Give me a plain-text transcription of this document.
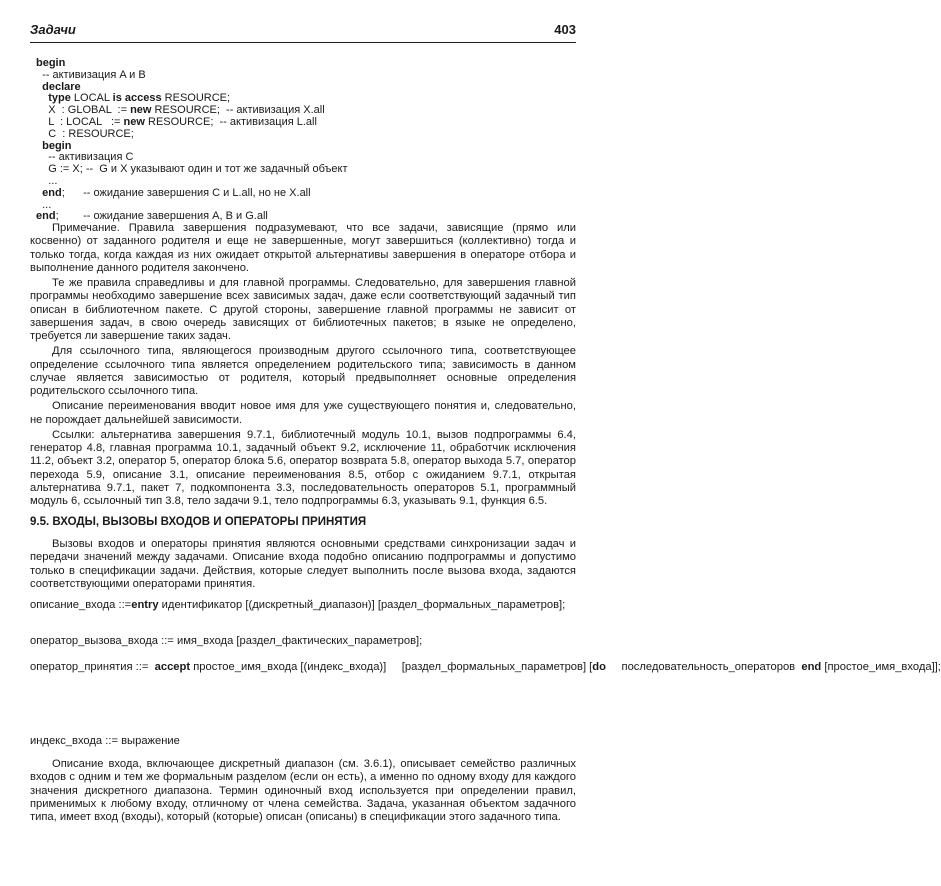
Задачи	403
begin
-- активизация A и B
declare
type LOCAL is access RESOURCE;
X  : GLOBAL  := new RESOURCE;  -- активизация X.all
L  : LOCAL   := new RESOURCE;  -- активизация L.all
C  : RESOURCE;
begin
-- активизация C
G := X; --  G и X указывают один и тот же задачный объект
...
end;      -- ожидание завершения C и L.all, но не X.all
...
end;        -- ожидание завершения A, B и G.all

Примечание. Правила завершения подразумевают, что все задачи, зависящие (прямо или косвенно) от заданного родителя и еще не завершенные, могут завершиться (коллективно) тогда и только тогда, когда каждая из них ожидает открытой альтернативы завершения в операторе отбора и выполнение данного родителя закончено.

Те же правила справедливы и для главной программы. Следовательно, для завершения главной программы необходимо завершение всех зависимых задач, даже если соответствующий задачный тип описан в библиотечном пакете. С другой стороны, завершение главной программы не зависит от завершения задач, в свою очередь зависящих от библиотечных пакетов; в языке не определено, требуется ли завершение таких задач.

Для ссылочного типа, являющегося производным другого ссылочного типа, соответствующее определение ссылочного типа является определением родительского типа; зависимость в данном случае является зависимостью от родителя, который предвыполняет основные определения родительского ссылочного типа.

Описание переименования вводит новое имя для уже существующего понятия и, следовательно, не порождает дальнейшей зависимости.

Ссылки: альтернатива завершения 9.7.1, библиотечный модуль 10.1, вызов подпрограммы 6.4, генератор 4.8, главная программа 10.1, задачный объект 9.2, исключение 11, обработчик исключения 11.2, объект 3.2, оператор 5, оператор блока 5.6, оператор возврата 5.8, оператор выхода 5.7, оператор перехода 5.9, описание 3.1, описание переименования 8.5, отбор с ожиданием 9.7.1, открытая альтернатива 9.7.1, пакет 7, подкомпонента 3.3, последовательность операторов 5.1, программный модуль 6, ссылочный тип 3.8, тело задачи 9.1, тело подпрограммы 6.3, указывать 9.1, функция 6.5.

9.5. ВХОДЫ, ВЫЗОВЫ ВХОДОВ И ОПЕРАТОРЫ ПРИНЯТИЯ

Вызовы входов и операторы принятия являются основными средствами синхронизации задач и передачи значений между задачами. Описание входа подобно описанию подпрограммы и допустимо только в спецификации задачи. Действия, которые следует выполнить после вызова входа, задаются соответствующими операторами принятия.

описание_входа ::=entry идентификатор [(дискретный_диапазон)] [раздел_формальных_параметров];
оператор_вызова_входа ::= имя_входа [раздел_фактических_параметров];
оператор_принятия ::= accept простое_имя_входа [(индекс_входа)]     [раздел_формальных_параметров] [do     последовательность_операторов end [простое_имя_входа]];
индекс_входа ::= выражение

Описание входа, включающее дискретный диапазон (см. 3.6.1), описывает семейство различных входов с одним и тем же формальным разделом (если он есть), а именно по одному входу для каждого значения дискретного диапазона. Термин одиночный вход используется при определении правил, применимых к любому входу, отличному от члена семейства. Задача, указанная объектом задачного типа, имеет вход (входы), который (которые) описан (описаны) в спецификации этого задачного типа.
